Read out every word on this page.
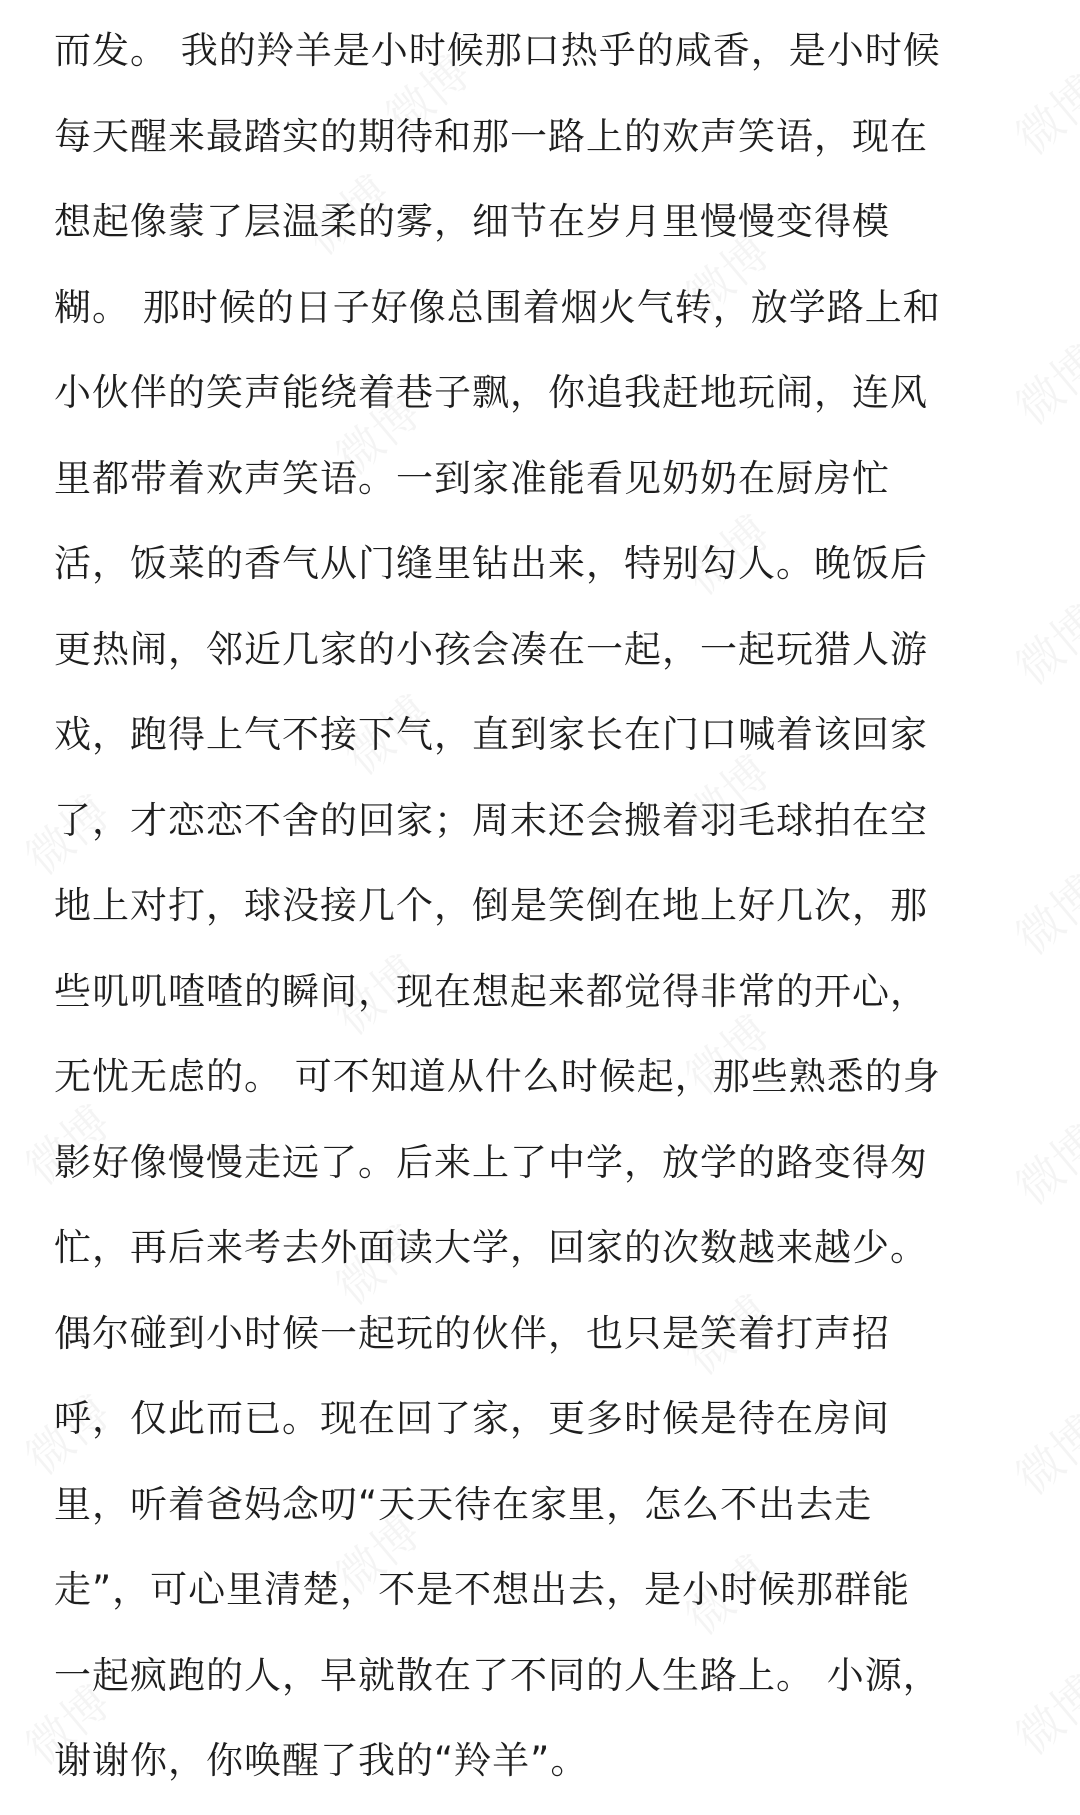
而发。 我的羚羊是小时候那口热乎的咸香，是小时候
每天醒来最踏实的期待和那一路上的欢声笑语，现在
想起像蒙了层温柔的雾，细节在岁月里慢慢变得模
糊。 那时候的日子好像总围着烟火气转，放学路上和
小伙伴的笑声能绕着巷子飘，你追我赶地玩闹，连风
里都带着欢声笑语。一到家准能看见奶奶在厨房忙
活，饭菜的香气从门缝里钻出来，特别勾人。晚饭后
更热闹，邻近几家的小孩会凑在一起，一起玩猎人游
戏，跑得上气不接下气，直到家长在门口喊着该回家
了，才恋恋不舍的回家；周末还会搬着羽毛球拍在空
地上对打，球没接几个，倒是笑倒在地上好几次，那
些叽叽喳喳的瞬间，现在想起来都觉得非常的开心，
无忧无虑的。 可不知道从什么时候起，那些熟悉的身
影好像慢慢走远了。后来上了中学，放学的路变得匆
忙，再后来考去外面读大学，回家的次数越来越少。
偶尔碰到小时候一起玩的伙伴，也只是笑着打声招
呼，仅此而已。现在回了家，更多时候是待在房间
里，听着爸妈念叨“天天待在家里，怎么不出去走
走”，可心里清楚，不是不想出去，是小时候那群能
一起疯跑的人，早就散在了不同的人生路上。 小源，
谢谢你，你唤醒了我的“羚羊”。
